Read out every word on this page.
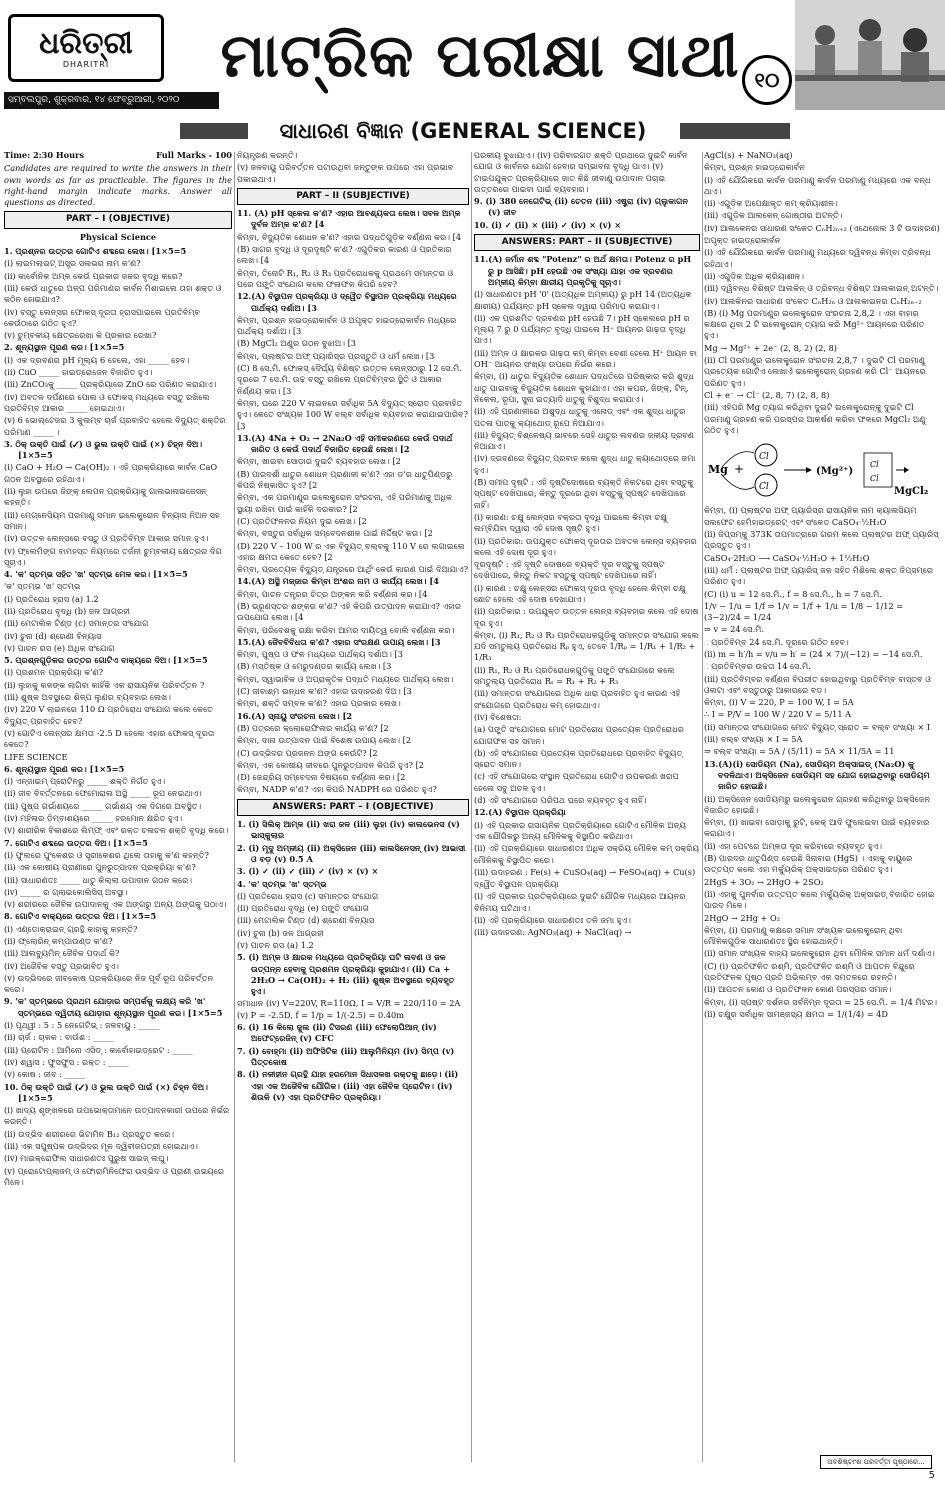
ଧରିତ୍ରୀ
DHARITRI
ସମ୍ବଲପୁର, ଶୁକ୍ରବାର, ୧୪ ଫେବ୍ରୁଆରୀ, ୨୦୨୦
ମାଟ୍ରିକ ପରୀକ୍ଷା ସାଥୀ ୧୦
ସାଧାରଣ ବିଜ୍ଞାନ (GENERAL SCIENCE)
Time: 2:30 Hours	Full Marks - 100
Candidates are required to write the answers in their own words as far as practicable. The figures in the right-hand margin indicate marks. Answer all questions as directed.
PART – I (OBJECTIVE)
Physical Science
1. ପ୍ରଶ୍ନର ଉତ୍ତର ଗୋଟିଏ ଶବ୍ଦରେ ଲେଖ। [1×5=5
(i) ଲାଇମଲାଇଟ୍ ଅସ୍ତ୍ର ସଲଭର ନାମ କ'ଣ?
(ii) କାର୍ବୋନିକ ଅମ୍ଳ କେଉଁ ପ୍ରକାର ଜଳର ବୃଦ୍ଧି କରେ?
(iii) କେଉଁ ଧାତୁରେ ଅଳ୍ପ ପରିମାଣର କାର୍ବନ ମିଶାଇଲେ ତାହା ଶକ୍ତ ଓ କଠିନ ହୋଇଯାଏ?
(iv) ବସ୍ତୁ ଲେନ୍ସର ଫୋକସ୍ ଦୂରତା ହ୍ରାସପାଇଲେ ପ୍ରତିବିମ୍ବ କେଉଁଠାରେ ଗଠିତ ହୁଏ?
(v) ଚୁମ୍ବକୀୟ କ୍ଷେତ୍ରରେଖା କି ପ୍ରକାର ରେଖା?
2. ଶୂନ୍ୟସ୍ଥାନ ପୂରଣ କର। [1×5=5
(i) ଏକ ଦ୍ରବଣର pH ମୂଲ୍ୟ 6 ହେଲେ, ଏହା _____ ହେବ।
(ii) CuO _____ ହାଇଡ୍ରୋଜେନ ବିଜାରିତ ହୁଏ।
(iii) ZnCO₃କୁ _____ ପ୍ରକ୍ରିୟାରେ ZnO ରେ ପରିଣତ କରାଯାଏ।
(iv) ଅବତଳ ଦର୍ପଣରେ ପୋଲ ଓ ଫୋକସ୍ ମଧ୍ୟରେ ବସ୍ତୁ ରଖିଲେ ପ୍ରତିବିମ୍ବ ଆକାର _____ ହୋଇଥାଏ।
(v) 6 ଭୋଲ୍ଟେଜର 3 କୁଲମ୍ବ ଚାର୍ଜ ପ୍ରବାହିତ ହେଲେ ବିଦ୍ୟୁତ୍ ଶକ୍ତିର ପରିମାଣ _____ ।
3. ଠିକ୍ ଉକ୍ତି ପାଇଁ (✓) ଓ ଭୁଲ ଉକ୍ତି ପାଇଁ (×) ଚିହ୍ନ ଦିଅ। [1×5=5
(i) CaO + H₂O → Ca(OH)₂ । ଏହି ପ୍ରକ୍ରିୟାରେ କାର୍ବନ CaO ଗଠନ ଅବସ୍ଥାରେ ରହିଥାଏ।
(ii) ଲୁହା ଉପରେ ଜିଙ୍କ୍ ଲେପନ ପ୍ରକ୍ରିୟାକୁ ଗାଲଭାନାଇଜେସନ୍ କହନ୍ତି।
(iii) ମେଗ୍ନେସିୟମ ପରମାଣୁ ସମାନ ଇଲେକ୍ଟ୍ରୋନ ବିନ୍ୟାସ ନିଅନ ସହ ସମାନ।
(iv) ଉତ୍ତଳ ଲେନ୍ସରେ ବସ୍ତୁ ଓ ପ୍ରତିବିମ୍ବ ଆକାର ସମାନ ହୁଏ।
(v) ଫ୍ଲେମିଙ୍ଗ ବାମହସ୍ତ ନିୟମରେ ତର୍ଜନୀ ଚୁମ୍ବକୀୟ କ୍ଷେତ୍ରର ଦିଗ ସୂଚାଏ।
4. 'କ' ସ୍ତମ୍ଭ ସହିତ 'ଖ' ସ୍ତମ୍ଭ ମେଳ କର। [1×5=5
'କ' ସ୍ତମ୍ଭ 'ଖ' ସ୍ତମ୍ଭ
(i) ପ୍ରତିରୋଧ ହ୍ରାସ (a) 1.2
(ii) ପ୍ରତିରୋଧ ବୃଦ୍ଧି (b) ଜଳ ଆଗ୍ରହୀ
(iii) ମେଟାଲିକ ଟିଣ୍ଡ (c) ସମାନ୍ତର ସଂଯୋଗ
(iv) ଚୁନା (d) ଶ୍ରେଣୀ ବିନ୍ୟାସ
(v) ପାଚନ ରସ (e) ଅଧିକ ସଂଯୋଗ
5. ପ୍ରଶ୍ନଗୁଡ଼ିକର ଉତ୍ତର ଗୋଟିଏ ବାକ୍ୟରେ ଦିଅ। [1×5=5
(i) ପ୍ରଶମନ ପ୍ରକ୍ରିୟା କ'ଣ?
(ii) ଲୁହାକୁ କଳଙ୍କ ଲାଗିବା କାହିଁକି ଏକ ରାସାୟନିକ ପରିବର୍ତ୍ତନ ?
(iii) ଶୁଷ୍କ ଅବସ୍ଥାରେ ଶିଳ୍ପ ଲୁଣର ବ୍ୟବହାର ଲେଖ।
(iv) 220 V ଲାଇନରେ 110 Ω ପ୍ରତିରୋଧ ସଂଯୋଗ କଲେ କେତେ ବିଦ୍ୟୁତ୍ ପ୍ରବାହିତ ହେବ?
(v) ଗୋଟିଏ ଲେନ୍ସର କ୍ଷମତା -2.5 D ହେଲେ ଏହାର ଫୋକସ୍ ଦୂରତା କେତେ?
LIFE SCIENCE
6. ଶୂନ୍ୟସ୍ଥାନ ପୂରଣ କର। [1×5=5
(i) ଏନ୍ଜାଇମ୍ ପ୍ରୋଟିନରୁ _____ ଶକ୍ତି ନିର୍ଗତ ହୁଏ।
(ii) ଜୀବ ବିବର୍ତ୍ତନରେ ଫେମୋରାଲ ଅସ୍ଥି _____ ରୂପ ନେଇଥାଏ।
(iii) ପୁଷ୍ପ ଗର୍ଭାଶୟରେ _____ ଗର୍ଭାଶୟ ଏକ ଦିଗରେ ଅବସ୍ଥିତ।
(iv) ମହିଳାର ଡ଼ିମ୍ବାଶୟରେ _____ ହରମୋନ କ୍ଷରିତ ହୁଏ।
(v) ଶାରୀରିକ ବିକାଶରେ ଲିମ୍ଫ୍ ଏବଂ ରକ୍ତ ଚଳାଚଳ ଶକ୍ତି ବୃଦ୍ଧି କରେ।
7. ଗୋଟିଏ ଶବ୍ଦରେ ଉତ୍ତର ଦିଅ। [1×5=5
(i) ଫୁଲରେ ପୁଂକେଶର ଓ ସ୍ତ୍ରୀକେଶର ଥିଲେ ତାହାକୁ କ'ଣ କହନ୍ତି?
(ii) ଏକ କୋଷୀୟ ପ୍ରାଣୀରେ ପୁନରୁତ୍ପାଦନ ପ୍ରକ୍ରିୟା କ'ଣ?
(iii) ସାଧାରଣତଃ _____ ଧାତୁ କିଲ୍ଲା ଉପାଦାନ ଗଠନ କରେ।
(iv) _____ ର ଗ୍ଲାଇକୋଲିସିସ୍ ଅବସ୍ଥା।
(v) ଶରୀରରେ ଜୈବିକ ଉପାଦାନକୁ ଏକ ଅଙ୍ଗରୁ ଅନ୍ୟ ଅଙ୍ଗକୁ ପଠାଏ।
8. ଗୋଟିଏ ବାକ୍ୟରେ ଉତ୍ତର ଦିଅ। [1×5=5
(i) ଏଣ୍ଡୋକ୍ରାଇନ୍ ଗ୍ରନ୍ଥି କାହାକୁ କହନ୍ତି?
(ii) ଫ୍ଲୋରିନ୍ କମ୍ପାଉଣ୍ଡ କ'ଣ?
(iii) ଆଲବ୍ୟୁମିନ୍ ଜୈବିକ ପଦାର୍ଥ କି?
(iv) ଅଜୈବିକ ବସ୍ତୁ ପ୍ରଭାବିତ ହୁଏ।
(v) ଉଦ୍ଭିଦରେ ଜୀବକୋଷ ପ୍ରକ୍ରିୟାରେ ନିଜ ପୂର୍ବ ରୂପ ପରିବର୍ତ୍ତନ କରେ।
9. 'କ' ସ୍ତମ୍ଭରେ ପ୍ରଥମ ଯୋଡ଼ାର ସମ୍ପର୍କକୁ ଲକ୍ଷ୍ୟ କରି 'ଖ' ସ୍ତମ୍ଭରେ ଦ୍ୱିତୀୟ ଯୋଡ଼ାର ଶୂନ୍ୟସ୍ଥାନ ପୂରଣ କର। [1×5=5
(i) ପୃଥ୍ୱୀ : 5 : 5 ନେଗେଟିଭ୍ : ଜଳବାୟୁ : _____
(ii) ଚାର୍ଜ : ଚାଳକ : ବାଉଁଶ : _____
(iii) ପ୍ରୋଟିନ : ଆମିନୋ ଏସିଡ୍ : କାର୍ବୋହାଇଡ୍ରେଟ : _____
(iv) ଶ୍ୱାସ : ଫୁସଫୁସ : ରକ୍ତ : _____
(v) କୋଷ : ଜୀବ : _____
10. ଠିକ୍ ଉକ୍ତି ପାଇଁ (✓) ଓ ଭୁଲ ଉକ୍ତି ପାଇଁ (×) ଚିହ୍ନ ଦିଅ। [1×5=5
(i) ଖାଦ୍ୟ ଶୃଙ୍ଖଳରେ ଉପଭୋକ୍ତାମାନେ ଉତ୍ପାଦନକାରୀ ଉପରେ ନିର୍ଭର କରନ୍ତି।
(ii) ଉଦ୍ଭିଦ ଶରୀରରେ ଭିଟାମିନ B₁₂ ପ୍ରସ୍ତୁତ କରେ।
(iii) ଏକ ସପୁଷ୍ପକ ଉଦ୍ଭିଦର ମୂଳ ଦ୍ୱିବୀଜପତ୍ରୀ ହୋଇଥାଏ।
(iv) ମାଇକ୍ରୋଫିଲ ସାଧାରଣତଃ ପୁରୁଷ ସାଇଜ୍ ଲଘୁ।
(v) ପ୍ରୋଟୋପ୍ଲାଜମ୍ ଓ ଫୋରାମିନିଫେରା ଉଦ୍ଭିଦ ଓ ପ୍ରାଣୀ ଉଭୟରେ ମିଳେ।
ନିୟନ୍ତ୍ରଣ କରନ୍ତି।
(v) ଜଳବାୟୁ ପରିବର୍ତ୍ତନ ଘଟାଉଥିବା ଜନ୍ତୁଙ୍କ ଉପରେ ଏହା ପ୍ରଭାବ ପକାଇଥାଏ।
PART – II (SUBJECTIVE)
11. (A) pH ସ୍କେଲ କ'ଣ? ଏହାର ଆବଶ୍ୟକତା ଲେଖ। ସବଳ ଅମ୍ଳ ଦୁର୍ବଳ ଅମ୍ଳ କ'ଣ? [4
କିମ୍ବା, ବିଦ୍ୟୁତିକ ଶୋଧନ କ'ଣ? ଏହାର ପଦ୍ଧତିଗୁଡ଼ିକ ବର୍ଣ୍ଣନା କର। [4
(B) ସାଗର ବୃଦ୍ଧି ଓ ଦୂରଦୃଷ୍ଟି କ'ଣ? ଏଗୁଡ଼ିକର କାରଣ ଓ ପ୍ରତିକାର ଲେଖ। [4
କିମ୍ବା, ତିନୋଟି R₁, R₂ ଓ R₃ ପ୍ରତିରୋଧକକୁ ପ୍ରଥମେ ସମାନ୍ତର ଓ ପରେ ପଙ୍କ୍ତି ସଂଯୋଗ କଲେ ଫଳାଫଳ କିପରି ହେବ?
12.(A) ବିସ୍ଥାପନ ପ୍ରକ୍ରିୟା ଓ ଦ୍ୱୈତ ବିସ୍ଥାପନ ପ୍ରକ୍ରିୟା ମଧ୍ୟରେ ପାର୍ଥକ୍ୟ ଦର୍ଶାଅ। [3
କିମ୍ବା, ପ୍ରଶ୍ନ ହାଇଡ୍ରୋକାର୍ବନ ଓ ଅପୃକ୍ତ ହାଇଡ୍ରୋକାର୍ବନ ମଧ୍ୟରେ ପାର୍ଥକ୍ୟ ଦର୍ଶାଅ। [3
(B) MgCl₂ ଅଣୁର ଗଠନ ବୁଝାଅ। [3
କିମ୍ବା, ପ୍ଲାଷ୍ଟର ଅଫ୍ ପ୍ୟାରିସ୍ର ପ୍ରସ୍ତୁତି ଓ ଧର୍ମ ଲେଖ। [3
(C) 8 ସେ.ମି. ଫୋକସ୍ ଦୈର୍ଘ୍ୟ ବିଶିଷ୍ଟ ଉତ୍ତଳ ଲେନ୍ସଠାରୁ 12 ସେ.ମି. ଦୂରରେ 7 ସେ.ମି. ଉଚ୍ଚ ବସ୍ତୁ ରଖିଲେ ପ୍ରତିବିମ୍ବର ସ୍ଥିତି ଓ ଆକାର ନିର୍ଣ୍ଣୟ କର। [3
କିମ୍ବା, ଘରେ 220 V ଲାଇନରେ ସର୍ବାଧିକ 5A ବିଦ୍ୟୁତ୍ ସ୍ରୋତ ପ୍ରବାହିତ ହୁଏ। କେତେ ସଂଖ୍ୟକ 100 W ବଲ୍ବ ସର୍ବାଧିକ ବ୍ୟବହାର କରାଯାଇପାରିବ? [3
13.(A) 4Na + O₂ → 2Na₂O ଏହି ସମୀକରଣରେ କେଉଁ ପଦାର୍ଥ ଜାରିତ ଓ କେଉଁ ପଦାର୍ଥ ବିଜାରିତ ହେଉଛି ଲେଖ। [2
କିମ୍ବା, ଖାଇବା ସୋଡ଼ାର ଦୁଇଟି ବ୍ୟବହାର ଲେଖ। [2
(B) ପାରଦର୍ଶୀ ଧାତୁର ଶୋଧନ ପ୍ରଣାଳୀ କ'ଣ? ଏହା ଡ'ର ଧାତୁପିଣ୍ଡରୁ କିପରି ନିଷ୍କାସିତ ହୁଏ? [2
କିମ୍ବା, ଏକ ପରମାଣୁର ଇଲେକ୍ଟ୍ରୋନ ସଂରଚନା, ଏହି ପରିମାଣକୁ ଅଧିକ ସ୍ଥାୟୀ ରଖିବା ପାଇଁ କାହିଁକି ଦରକାର? [2
(C) ପ୍ରତିଫଳନର ନିୟମ ଦୁଇ ଲେଖ। [2
କିମ୍ବା, ବସ୍ତୁର ସର୍ବାଧିକ ସମ୍ବେଦନଶୀଳ ପାଇଁ ନିର୍ଦ୍ଦିଷ୍ଟ କର। [2
(D) 220 V – 100 W ର ଏକ ବିଦ୍ୟୁତ୍ ବଲ୍ବକୁ 110 V ରେ ଲଗାଇଲେ ଏହାର କ୍ଷମତା କେତେ ହେବ? [2
କିମ୍ବା, ପ୍ରତ୍ୟେକ ବିଦ୍ୟୁତ୍ ଯନ୍ତ୍ରରେ ଆର୍ଥିଂ କେଉଁ କାରଣ ପାଇଁ ଦିଆଯାଏ?
14.(A) ଅସ୍ଥି ମଜ୍ଜାର କିମ୍ବା ଅଂଶର ନାମ ଓ କାର୍ଯ୍ୟ ଲେଖ। [4
କିମ୍ବା, ପାଚନ ତନ୍ତ୍ରର ଚିତ୍ର ଅଙ୍କନ କରି ବର୍ଣ୍ଣନା କର। [4
(B) ଭ୍ରୂଣସ୍ତର ଶଙ୍କର କ'ଣ? ଏହି କିପରି ଉତ୍ପାଦନ କରାଯାଏ? ଏହାର ଉପଯୋଗ ଲେଖ। [4
କିମ୍ବା, ପରିବେଶକୁ ରକ୍ଷା କରିବା ଆମର ଦାୟିତ୍ୱ ବୋଲି ବର୍ଣ୍ଣନା କର।
15.(A) ଜୈବବିବିଧତା କ'ଣ? ଏହାର ସଂରକ୍ଷଣ ଉପାୟ ଲେଖ। [3
କିମ୍ବା, ପୁଷ୍ପ ଓ ଫଳ ମଧ୍ୟରେ ପାର୍ଥକ୍ୟ ଦର୍ଶାଅ। [3
(B) ମସ୍ତିଷ୍କ ଓ ମେରୁଦଣ୍ଡର କାର୍ଯ୍ୟ ଲେଖ। [3
କିମ୍ବା, ସ୍ୱାଭାବିକ ଓ ଅପ୍ରାକୃତିକ ପଦ୍ଧତି ମଧ୍ୟରେ ପାର୍ଥକ୍ୟ ଲେଖ।
(C) ଜୀବାଶ୍ମ ଇନ୍ଧନ କ'ଣ? ଏହାର ଉଦାହରଣ ଦିଅ। [3
କିମ୍ବା, ଶକ୍ତି ସମ୍ବଳ କ'ଣ? ଏହାର ପ୍ରକାର ଲେଖ।
16.(A) ସ୍ନାୟୁ ସଂରଚନା ଲେଖ। [2
(B) ପତ୍ରରେ କ୍ଲୋରୋଫିଲର କାର୍ଯ୍ୟ କ'ଣ? [2
କିମ୍ବା, ଦାନା ଉତ୍ପାଦନ ପାଇଁ ବିଶେଷ ଉପାୟ ଲେଖ। [2
(C) ଉଦ୍ଭିଦର ପ୍ରଜନନ ଅଙ୍ଗ କେଉଁଟି? [2
କିମ୍ବା, ଏକ କୋଷୀୟ ଜୀବରେ ପୁନରୁତ୍ପାଦନ କିପରି ହୁଏ? [2
(D) ଜେନ୍ଦ୍ରିୟ ସମ୍ବେଦନା ବିଷୟରେ ବର୍ଣ୍ଣନା କର। [2
କିମ୍ବା, NADP କ'ଣ? ଏହା କିପରି NADPH ରେ ପରିଣତ ହୁଏ?
ANSWERS: PART – I (OBJECTIVE)
1. (i) ସିଲିକ୍ ଆମ୍ଳ (ii) ଖରା ଜଳ (iii) ଲୁହା (iv) କାଲଭେନସ (v) ଭାସ୍କୁଲାର
2. (i) ମୃଦୁ ଅମ୍ଳୀୟ (ii) ଅକ୍ସିଜେନ (iii) କାଲସିନେସନ୍ (iv) ଆଭାସୀ ଓ ବଡ଼ (v) 0.5 A
3. (i) ✓ (ii) ✓ (iii) ✓ (iv) × (v) ×
4. 'କ' ସ୍ତମ୍ଭ 'ଖ' ସ୍ତମ୍ଭ
(i) ପ୍ରତିରୋଧ ହ୍ରାସ (c) ସମାନ୍ତର ସଂଯୋଗ
(ii) ପ୍ରତିରୋଧ ବୃଦ୍ଧି (e) ପଙ୍କ୍ତି ସଂଯୋଗ
(iii) ମେଟାଲିକ ଟିଣ୍ଡ (d) ଶ୍ରେଣୀ ବିନ୍ୟାସ
(iv) ଚୁନା (b) ଜଳ ଆଗ୍ରହୀ
(v) ପାଚନ ରସ (a) 1.2
5. (i) ଅମ୍ଳ ଓ କ୍ଷାରକ ମଧ୍ୟରେ ପ୍ରତିକ୍ରିୟା ଘଟି ଲବଣ ଓ ଜଳ ଉତ୍ପନ୍ନ ହେବାକୁ ପ୍ରଶମନ ପ୍ରକ୍ରିୟା କୁହାଯାଏ। (ii) Ca + 2H₂O → Ca(OH)₂ + H₂ (iii) ଶୁଷ୍କ ଅବସ୍ଥାରେ ବ୍ୟବହୃତ ହୁଏ।
ସମାଧାନ (iv) V=220V, R=110Ω, I = V/R = 220/110 = 2A (v) P = -2.5D, f = 1/p = 1/(-2.5) = 0.40m
6. (i) 16 କିଲୋ ଜୁଲ (ii) ଟିସରଣ (iii) ଫେଲୋପିଆନ୍ (iv) ଅଫେଟ୍ରେଜିନ୍ (v) CFC
7. (i) ବୋହ୍ମା (ii) ଅଫିସିଟିକ (iii) ଆଲୁମିନିୟମ (iv) ସିମ୍ପ (v) ପିତ୍ତକୋଷ
8. (i) ନଳୀହୀନ ଗ୍ରନ୍ଥି ଯାହା ହରମୋନ ସିଧାସଳଖ ରକ୍ତକୁ ଛାଡ଼େ। (ii) ଏହା ଏକ ଅଜୈବିକ ଯୌଗିକ। (iii) ଏହା ଜୈବିକ ପ୍ରୋଟିନ। (iv) ଶିଉଳି (v) ଏହା ପ୍ରତିଫଳିତ ପ୍ରକ୍ରିୟା।
ପରକୀୟ ବୁଝାଯାଏ। (iv) ପରିବାରଗତ ଶକ୍ତି ପ୍ରଥାରେ ଦୁଇଟି କାର୍ବନ ଯୋଗ ଓ କାର୍ବନର ଯୋଗ ହେବାର ସମ୍ଭାବନା ବୃଦ୍ଧି ପାଏ। (v) ଟାଇପଯୁକ୍ତ ପ୍ରକ୍ରିୟାରେ ଜାତ କିଛି ଜୀବାଣୁ ଉପାଦାନ ପଚାଇ ଉତ୍ତରରେ ପାଇବା ପାଇଁ ବ୍ୟବହାର।
9. (i) 380 ନେଗେଟିଭ୍ (ii) ଚେତନ (iii) ଏଷ୍ଟ୍ରା (iv) ଗ୍ଲୁକାଗନ (v) ଜୀବ
10. (i) ✓ (ii) × (iii) ✓ (iv) × (v) ×
ANSWERS: PART – II (SUBJECTIVE)
11.(A) ଜର୍ମାନ ଶବ୍ଦ "Potenz" ର ଅର୍ଥ କ୍ଷମତା। Potenz ର pH ରୁ p ଆସିଛି। pH ହେଉଛି ଏକ ସଂଖ୍ୟା ଯାହା ଏକ ଦ୍ରବଣର ଅମ୍ଳୀୟ କିମ୍ବା କ୍ଷାରୀୟ ପ୍ରକୃତିକୁ ସୂଚାଏ।
(i) ସାଧାରଣତଃ pH '0' (ଅତ୍ୟଧିକ ଅମ୍ଳୀୟ) ରୁ pH 14 (ଅତ୍ୟଧିକ କ୍ଷାରୀୟ) ପର୍ଯ୍ୟନ୍ତ pH ସ୍କେଲ ଦ୍ୱାରା ପରିମାପ କରାଯାଏ।
(ii) ଏକ ପ୍ରଶମିତ ଦ୍ରବଣର pH ହେଉଛି 7। pH ସ୍କେଲରେ pH ର ମୂଲ୍ୟ 7 ରୁ 0 ପର୍ଯ୍ୟନ୍ତ ବୃଦ୍ଧି ପାଇଲେ H⁺ ଆୟନର ଗାଢ଼ତା ବୃଦ୍ଧି ପାଏ।
(iii) ଅମ୍ଳ ଓ କ୍ଷାରକର ଗାଢ଼ତା କମ୍ କିମ୍ବା ବେଶୀ ହେଲେ H⁺ ଆୟନ ବା OH⁻ ଆୟନର ସଂଖ୍ୟା ଉପରେ ନିର୍ଭର କରେ।
କିମ୍ବା, (i) ଧାତୁର ବିଦ୍ୟୁତିକ ଶୋଧନ ପଦ୍ଧତିରେ ପରିଷ୍କାର କରି ଶୁଦ୍ଧ ଧାତୁ ପାଇବାକୁ ବିଦ୍ୟୁତିକ ଶୋଧନ କୁହାଯାଏ। ଏହା କପର, ଜିଙ୍କ୍, ଟିନ୍, ନିକେଲ, ରୂପା, ସୁନା ଇତ୍ୟାଦି ଧାତୁକୁ ବିଶୁଦ୍ଧ କରାଯାଏ।
(ii) ଏହି ପ୍ରଣାଳୀରେ ଅଶୁଦ୍ଧ ଧାତୁକୁ ଏନୋଡ୍ ଏବଂ ଏକ ଶୁଦ୍ଧ ଧାତୁର ପତଳା ପାତକୁ କ୍ୟାଥୋଡ୍ ରୂପେ ନିଆଯାଏ।
(iii) ବିଦ୍ୟୁତ୍ ବିଶ୍ଳେଷ୍ୟ ଭାବରେ ସେହି ଧାତୁର ଲବଣର ଜଳୀୟ ଦ୍ରବଣ ନିଆଯାଏ।
(iv) ଦ୍ରବଣରେ ବିଦ୍ୟୁତ୍ ପ୍ରବାହ କଲେ ଶୁଦ୍ଧ ଧାତୁ କ୍ୟାଥୋଡ୍ରେ ଜମା ହୁଏ।
(B) ସମୀପ ଦୃଷ୍ଟି : ଏହି ଦୃଷ୍ଟିଦୋଷରେ ବ୍ୟକ୍ତି ନିକଟରେ ଥିବା ବସ୍ତୁକୁ ସ୍ପଷ୍ଟ ଦେଖିପାରେ, କିନ୍ତୁ ଦୂରରେ ଥିବା ବସ୍ତୁକୁ ସ୍ପଷ୍ଟ ଦେଖିପାରେ ନାହିଁ।
(i) କାରଣ: ଚକ୍ଷୁ ଲେନ୍ସର ବକ୍ରତା ବୃଦ୍ଧି ପାଇଲେ କିମ୍ବା ଚକ୍ଷୁ ଲମ୍ବିଯିବା ଦ୍ୱାରା ଏହି ଦୋଷ ସୃଷ୍ଟି ହୁଏ।
(ii) ପ୍ରତିକାର: ଉପଯୁକ୍ତ ଫୋକସ୍ ଦୂରତାର ଅବତଳ ଲେନ୍ସ ବ୍ୟବହାର କଲେ ଏହି ଦୋଷ ଦୂର ହୁଏ।
ଦୂରଦୃଷ୍ଟି : ଏହି ଦୃଷ୍ଟି ଦୋଷରେ ବ୍ୟକ୍ତି ଦୂର ବସ୍ତୁକୁ ସ୍ପଷ୍ଟ ଦେଖିପାରେ, କିନ୍ତୁ ନିକଟ ବସ୍ତୁକୁ ସ୍ପଷ୍ଟ ଦେଖିପାରେ ନାହିଁ।
(i) କାରଣ : ଚକ୍ଷୁ ଲେନ୍ସର ଫୋକସ୍ ଦୂରତା ବୃଦ୍ଧି ହେଲେ କିମ୍ବା ଚକ୍ଷୁ ଛୋଟ ହେଲେ ଏହି ଦୋଷ ଦେଖାଯାଏ।
(ii) ପ୍ରତିକାର : ଉପଯୁକ୍ତ ଉତ୍ତଳ ଲେନ୍ସ ବ୍ୟବହାର କଲେ ଏହି ଦୋଷ ଦୂର ହୁଏ।
କିମ୍ବା, (i) R₁, R₂ ଓ R₃ ପ୍ରତିରୋଧକଗୁଡ଼ିକୁ ସମାନ୍ତର ସଂଯୋଗ କଲେ ଯଦି ସମତୁଲ୍ୟ ପ୍ରତିରୋଧ Rₚ ହୁଏ, ତେବେ 1/Rₚ = 1/R₁ + 1/R₂ + 1/R₃
(ii) R₁, R₂ ଓ R₃ ପ୍ରତିରୋଧକଗୁଡ଼ିକୁ ପଙ୍କ୍ତି ସଂଯୋଗରେ କଲେ ସମତୁଲ୍ୟ ପ୍ରତିରୋଧ Rₛ = R₁ + R₂ + R₃
(iii) ସମାନ୍ତର ସଂଯୋଗରେ ଅଧିକ ଧାରା ପ୍ରବାହିତ ହୁଏ କାରଣ ଏହି ସଂଯୋଗରେ ପ୍ରତିରୋଧ କମ୍ ହୋଇଥାଏ।
(iv) ବିଶେଷତା:
(a) ପଙ୍କ୍ତି ସଂଯୋଗରେ ମୋଟ ପ୍ରତିରୋଧ ପ୍ରତ୍ୟେକ ପ୍ରତିରୋଧର ଯୋଗଫଳ ସହ ସମାନ।
(b) ଏହି ସଂଯୋଗରେ ପ୍ରତ୍ୟେକ ପ୍ରତିରୋଧରେ ପ୍ରବାହିତ ବିଦ୍ୟୁତ୍ ସ୍ରୋତ ସମାନ।
(c) ଏହି ସଂଯୋଗରେ ସଂସ୍ଥାନ ପ୍ରତିରୋଧ ଗୋଟିଏ ଉପକରଣ ଖରାପ ହେଲେ ସବୁ ଅଚଳ ହୁଏ।
(d) ଏହି ସଂଯୋଗରେ ପରିପଥ ଘରେ ବ୍ୟବହୃତ ହୁଏ ନାହିଁ।
12.(A) ବିସ୍ଥାପନ ପ୍ରକ୍ରିୟା
(i) ଏହି ପ୍ରକାର ରାସାୟନିକ ପ୍ରତିକ୍ରିୟାରେ ଗୋଟିଏ ମୌଳିକ ଅନ୍ୟ ଏକ ଯୌଗିକରୁ ଅନ୍ୟ ମୌଳିକକୁ ବିସ୍ଥାପିତ କରିଥାଏ।
(ii) ଏହି ପ୍ରକ୍ରିୟାରେ ସାଧାରଣତଃ ଅଧିକ ସକ୍ରିୟ ମୌଳିକ କମ୍ ସକ୍ରିୟ ମୌଳିକକୁ ବିସ୍ଥାପିତ କରେ।
(iii) ଉଦାହରଣ : Fe(s) + CuSO₄(aq) → FeSO₄(aq) + Cu(s)
ଦ୍ୱୈତ ବିସ୍ଥାପନ ପ୍ରକ୍ରିୟା
(i) ଏହି ପ୍ରକାର ପ୍ରତିକ୍ରିୟାରେ ଦୁଇଟି ଯୌଗିକ ମଧ୍ୟରେ ଆୟନର ବିନିମୟ ଘଟିଥାଏ।
(ii) ଏହି ପ୍ରକ୍ରିୟାରେ ସାଧାରଣତଃ ତଳି ଜମା ହୁଏ।
(iii) ଉଦାହରଣ: AgNO₃(aq) + NaCl(aq) →
AgCl(s) + NaNO₃(aq)
କିମ୍ବା, ପ୍ରଶ୍ନ ହାଇଡ୍ରୋକାର୍ବନ
(i) ଏହି ଯୌଗିକରେ କାର୍ବନ ପରମାଣୁ କାର୍ବନ ପରମାଣୁ ମଧ୍ୟରେ ଏକ ବନ୍ଧ ଥାଏ।
(ii) ଏଗୁଡ଼ିକ ଅପେକ୍ଷାକୃତ କମ୍ କ୍ରିୟାଶୀଳ।
(iii) ଏଗୁଡ଼ିକ ଆଲକେନ୍ ଗୋଷ୍ଠୀର ଅଟନ୍ତି।
(iv) ଆଲକେନର ସାଧାରଣ ସଂକେତ CₙH₂ₙ₊₂ (ଏଥେନୋଲ 3 ଟି ଉଦାହରଣ)
ଅପୃକ୍ତ ହାଇଡ୍ରୋକାର୍ବନ
(i) ଏହି ଯୌଗିକରେ କାର୍ବନ ପରମାଣୁ ମଧ୍ୟରେ ଦ୍ୱିବନ୍ଧ କିମ୍ବା ତ୍ରିବନ୍ଧ ରହିଥାଏ।
(ii) ଏଗୁଡ଼ିକ ଅଧିକ କ୍ରିୟାଶୀଳ।
(iii) ଦ୍ୱିବନ୍ଧ ବିଶିଷ୍ଟ ଆଲକିନ୍ ଓ ତ୍ରିବନ୍ଧ ବିଶିଷ୍ଟ ଆଲକାଇନ୍ ଅଟନ୍ତି।
(iv) ଆଲକିନର ସାଧାରଣ ସଂକେତ CₙH₂ₙ ଓ ଆଲକାଇନର CₙH₂ₙ₋₂
(B) (i) Mg ପରମାଣୁର ଇଲେକ୍ଟ୍ରୋନ ସଂରଚନା 2,8,2 । ଏହା ବାହାର କକ୍ଷରେ ଥିବା 2 ଟି ଇଲେକ୍ଟ୍ରୋନ୍ ତ୍ୟାଗ କରି Mg²⁺ ଆୟନରେ ପରିଣତ ହୁଏ।
Mg → Mg²⁺ + 2e⁻ (2, 8, 2) (2, 8)
(ii) Cl ପରମାଣୁର ଇଲେକ୍ଟ୍ରୋନ ସଂରଚନା 2,8,7 । ଦୁଇଟି Cl ପରମାଣୁ ପ୍ରତ୍ୟେକ ଗୋଟିଏ ଲେଖାଏଁ ଇଲେକ୍ଟ୍ରୋନ୍ ଗ୍ରହଣ କରି Cl⁻ ଆୟନରେ ପରିଣତ ହୁଏ।
Cl + e⁻ → Cl⁻ (2, 8, 7) (2, 8, 8)
(iii) ଏହିପରି Mg ତ୍ୟାଗ କରିଥିବା ଦୁଇଟି ଇଲେକ୍ଟ୍ରୋନ୍କୁ ଦୁଇଟି Cl ପରମାଣୁ ଗ୍ରହଣ କରି ପରସ୍ପର ଆକର୍ଷଣ କରିବା ଫଳରେ MgCl₂ ଅଣୁ ଗଠିତ ହୁଏ।
Mg +
Cl
Cl
(Mg²⁺)
Cl
Cl
MgCl₂
କିମ୍ବା, (i) ପ୍ଲାଷ୍ଟର ଅଫ୍ ପ୍ୟାରିସ୍ର ରାସାୟନିକ ନାମ କ୍ୟାଲସିୟମ ସଲଫେଟ ହେମିହାଇଡ୍ରେଟ୍ ଏବଂ ସଂକେତ CaSO₄·½H₂O
(ii) ଜିପ୍ସମ୍କୁ 373K ତାପମାତ୍ରାରେ ଗରମ କଲେ ପ୍ଲାଷ୍ଟର ଅଫ୍ ପ୍ୟାରିସ୍ ପ୍ରସ୍ତୁତ ହୁଏ।
CaSO₄·2H₂O ⟶ CaSO₄·½H₂O + 1½H₂O
(iii) ଧର୍ମ : ପ୍ଲାଷ୍ଟର ଅଫ୍ ପ୍ୟାରିସ୍ ଜଳ ସହିତ ମିଶିଲେ ଶକ୍ତ ଜିପ୍ସମ୍ରେ ପରିଣତ ହୁଏ।
(C) (i) u = 12 ସେ.ମି., f = 8 ସେ.ମି., h = 7 ସେ.ମି.
1/v − 1/u = 1/f ⇒ 1/v = 1/f + 1/u = 1/8 − 1/12 = (3−2)/24 = 1/24
⇒ v = 24 ସେ.ମି.
∴ ପ୍ରତିବିମ୍ବ 24 ସେ.ମି. ଦୂରରେ ଗଠିତ ହେବ।
(ii) m = h′/h = v/u ⇒ h′ = (24 × 7)/(−12) = −14 ସେ.ମି.
∴ ପ୍ରତିବିମ୍ବର ଉଚ୍ଚତା 14 ସେ.ମି.
(iii) ପ୍ରତିବିମ୍ବର ବର୍ଣ୍ଣନା ବିପରୀତ ହୋଇଥିବାରୁ ପ୍ରତିବିମ୍ବ ବାସ୍ତବ ଓ ଓଲଟା ଏବଂ ବସ୍ତୁଠାରୁ ଆକାରରେ ବଡ଼।
କିମ୍ବା, (i) V = 220, P = 100 W, I = 5A
∴ I = P/V = 100 W / 220 V = 5/11 A
(ii) ସମାନ୍ତର ସଂଯୋଗରେ ମୋଟ ବିଦ୍ୟୁତ୍ ସ୍ରୋତ = ବଲ୍ବ ସଂଖ୍ୟା × I
(iii) ବଲ୍ବ ସଂଖ୍ୟା × I = 5A
⇒ ବଲ୍ବ ସଂଖ୍ୟା = 5A / (5/11) = 5A × 11/5A = 11
13.(A)(i) ସୋଡିୟମ (Na), ସୋଡିୟମ ଅକ୍ସାଇଡ୍ (Na₂O) କୁ ବଦଳିଥାଏ। ଅକ୍ସିଜେନ ସୋଡିୟମ ସହ ଯୋଗ ହୋଇଥିବାରୁ ସୋଡିୟମ ଜାରିତ ହୋଇଛି।
(ii) ଅକ୍ସିଜେନ ସୋଡିୟମରୁ ଇଲେକ୍ଟ୍ରୋନ ଗ୍ରହଣ କରିଥିବାରୁ ଅକ୍ସିଜେନ ବିଜାରିତ ହୋଇଛି।
କିମ୍ବା, (i) ଖାଇବା ସୋଡ଼ାକୁ ରୁଟି, କେକ୍ ଆଦି ଫୁଲେଇବା ପାଇଁ ବ୍ୟବହାର କରାଯାଏ।
(ii) ଏହା ପେଟରେ ଅମ୍ଳତା ଦୂର କରିବାରେ ବ୍ୟବହୃତ ହୁଏ।
(B) ପାରଦର ଧାତୁପିଣ୍ଡ ହେଉଛି ସିନାବାର (HgS) । ଏହାକୁ ବାୟୁରେ ଉତ୍ତପ୍ତ କଲେ ଏହା ମର୍କ୍ୟୁରିକ୍ ଅକ୍ସାଇଡ୍ରେ ପରିଣତ ହୁଏ।
2HgS + 3O₂ → 2HgO + 2SO₂
(ii) ଏହାକୁ ପୁନର୍ବାର ଉତ୍ତପ୍ତ କଲେ ମର୍କ୍ୟୁରିକ୍ ଅକ୍ସାଇଡ୍ ବିଜାରିତ ହୋଇ ପାରଦ ମିଳେ।
2HgO → 2Hg + O₂
କିମ୍ବା, (i) ପରମାଣୁ କକ୍ଷରେ ସମାନ ସଂଖ୍ୟକ ଇଲେକ୍ଟ୍ରୋନ୍ ଥିବା ମୌଳିକଗୁଡ଼ିକ ସାଧାରଣତଃ ସ୍ଥିର ହୋଇଥାନ୍ତି।
(ii) ସମାନ ସଂଖ୍ୟକ ବାହ୍ୟ ଇଲେକ୍ଟ୍ରୋନ ଥିବା ମୌଳିକ ସମାନ ଧର୍ମ ଦର୍ଶାଏ।
(C) (i) ପ୍ରତିଫଳିତ ରଶ୍ମି, ପ୍ରତିଫଳିତ ରଶ୍ମି ଓ ଆପତନ ବିନ୍ଦୁରେ ପ୍ରତିଫଳକ ପୃଷ୍ଠ ପ୍ରତି ଅଭିଲମ୍ବ ଏକ ସମତଳରେ ରହନ୍ତି।
(ii) ଆପତନ କୋଣ ଓ ପ୍ରତିଫଳନ କୋଣ ପରସ୍ପର ସମାନ।
କିମ୍ବା, (i) ସ୍ପଷ୍ଟ ଦର୍ଶନର ସର୍ବନିମ୍ନ ଦୂରତା = 25 ସେ.ମି. = 1/4 ମିଟର।
(ii) ଚକ୍ଷୁର ସର୍ବାଧିକ ସାମଞ୍ଜସ୍ୟ କ୍ଷମତା = 1/(1/4) = 4D
ଅବଶିଷ୍ଟାଂଶ ପରବର୍ତ୍ତୀ ପୃଷ୍ଠାରେ...
5
